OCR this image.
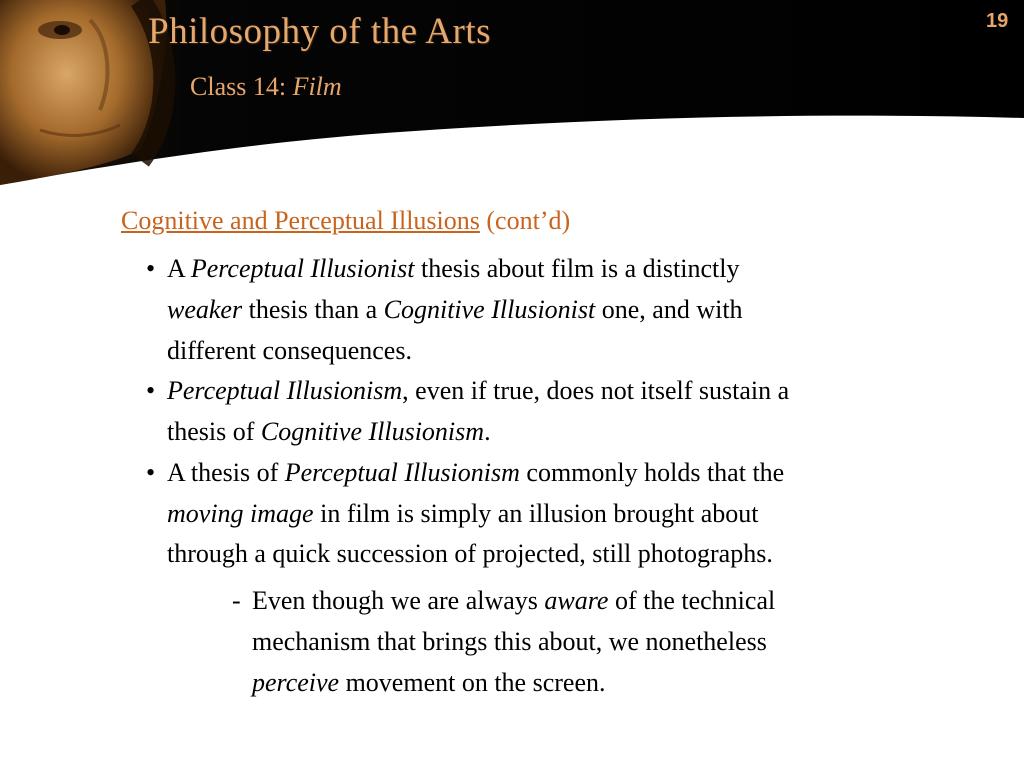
Philosophy of the Arts
Class 14: Film
19
Cognitive and Perceptual Illusions (cont’d)
• A Perceptual Illusionist thesis about film is a distinctly
weaker thesis than a Cognitive Illusionist one, and with
different consequences.
• Perceptual Illusionism, even if true, does not itself sustain a
thesis of Cognitive Illusionism.
• A thesis of Perceptual Illusionism commonly holds that the
moving image in film is simply an illusion brought about
through a quick succession of projected, still photographs.
- Even though we are always aware of the technical
mechanism that brings this about, we nonetheless
perceive movement on the screen.
